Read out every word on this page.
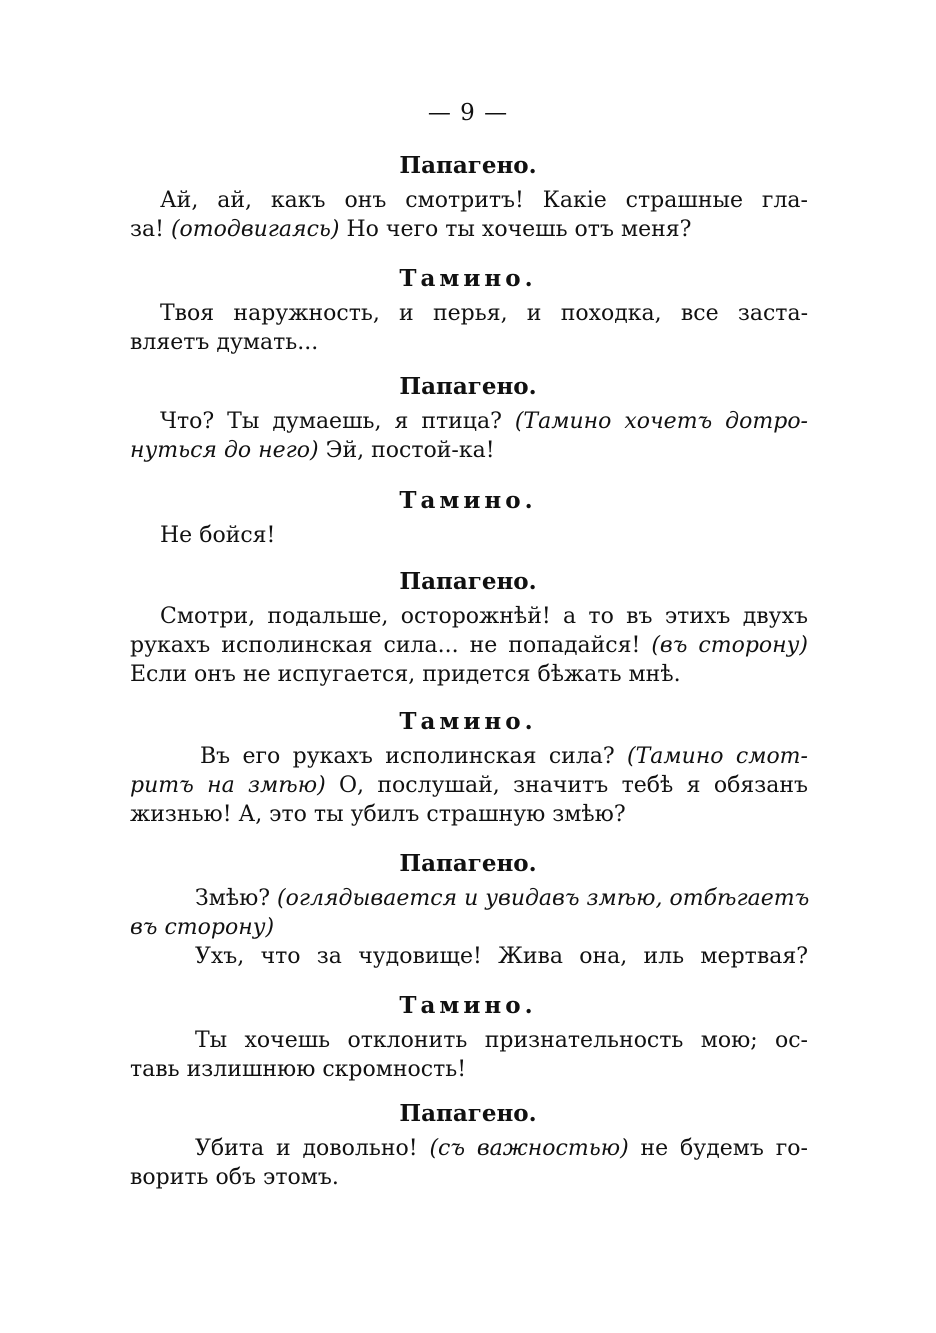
— 9 —
Папагено.
Ай, ай, какъ онъ смотритъ! Какіе страшные гла-
за! (отодвигаясь) Но чего ты хочешь отъ меня?
Тамино.
Твоя наружность, и перья, и походка, все заста-
вляетъ думать...
Папагено.
Что? Ты думаешь, я птица? (Тамино хочетъ дотро-
нуться до него) Эй, постой-ка!
Тамино.
Не бойся!
Папагено.
Смотри, подальше, осторожнѣй! а то въ этихъ двухъ
рукахъ исполинская сила... не попадайся! (въ сторону)
Если онъ не испугается, придется бѣжать мнѣ.
Тамино.
Въ его рукахъ исполинская сила? (Тамино смот-
ритъ на змѣю) О, послушай, значитъ тебѣ я обязанъ
жизнью! А, это ты убилъ страшную змѣю?
Папагено.
Змѣю? (оглядывается и увидавъ змѣю, отбѣгаетъ
въ сторону)
Ухъ, что за чудовище! Жива она, иль мертвая?
Тамино.
Ты хочешь отклонить признательность мою; ос-
тавь излишнюю скромность!
Папагено.
Убита и довольно! (съ важностью) не будемъ го-
ворить объ этомъ.
